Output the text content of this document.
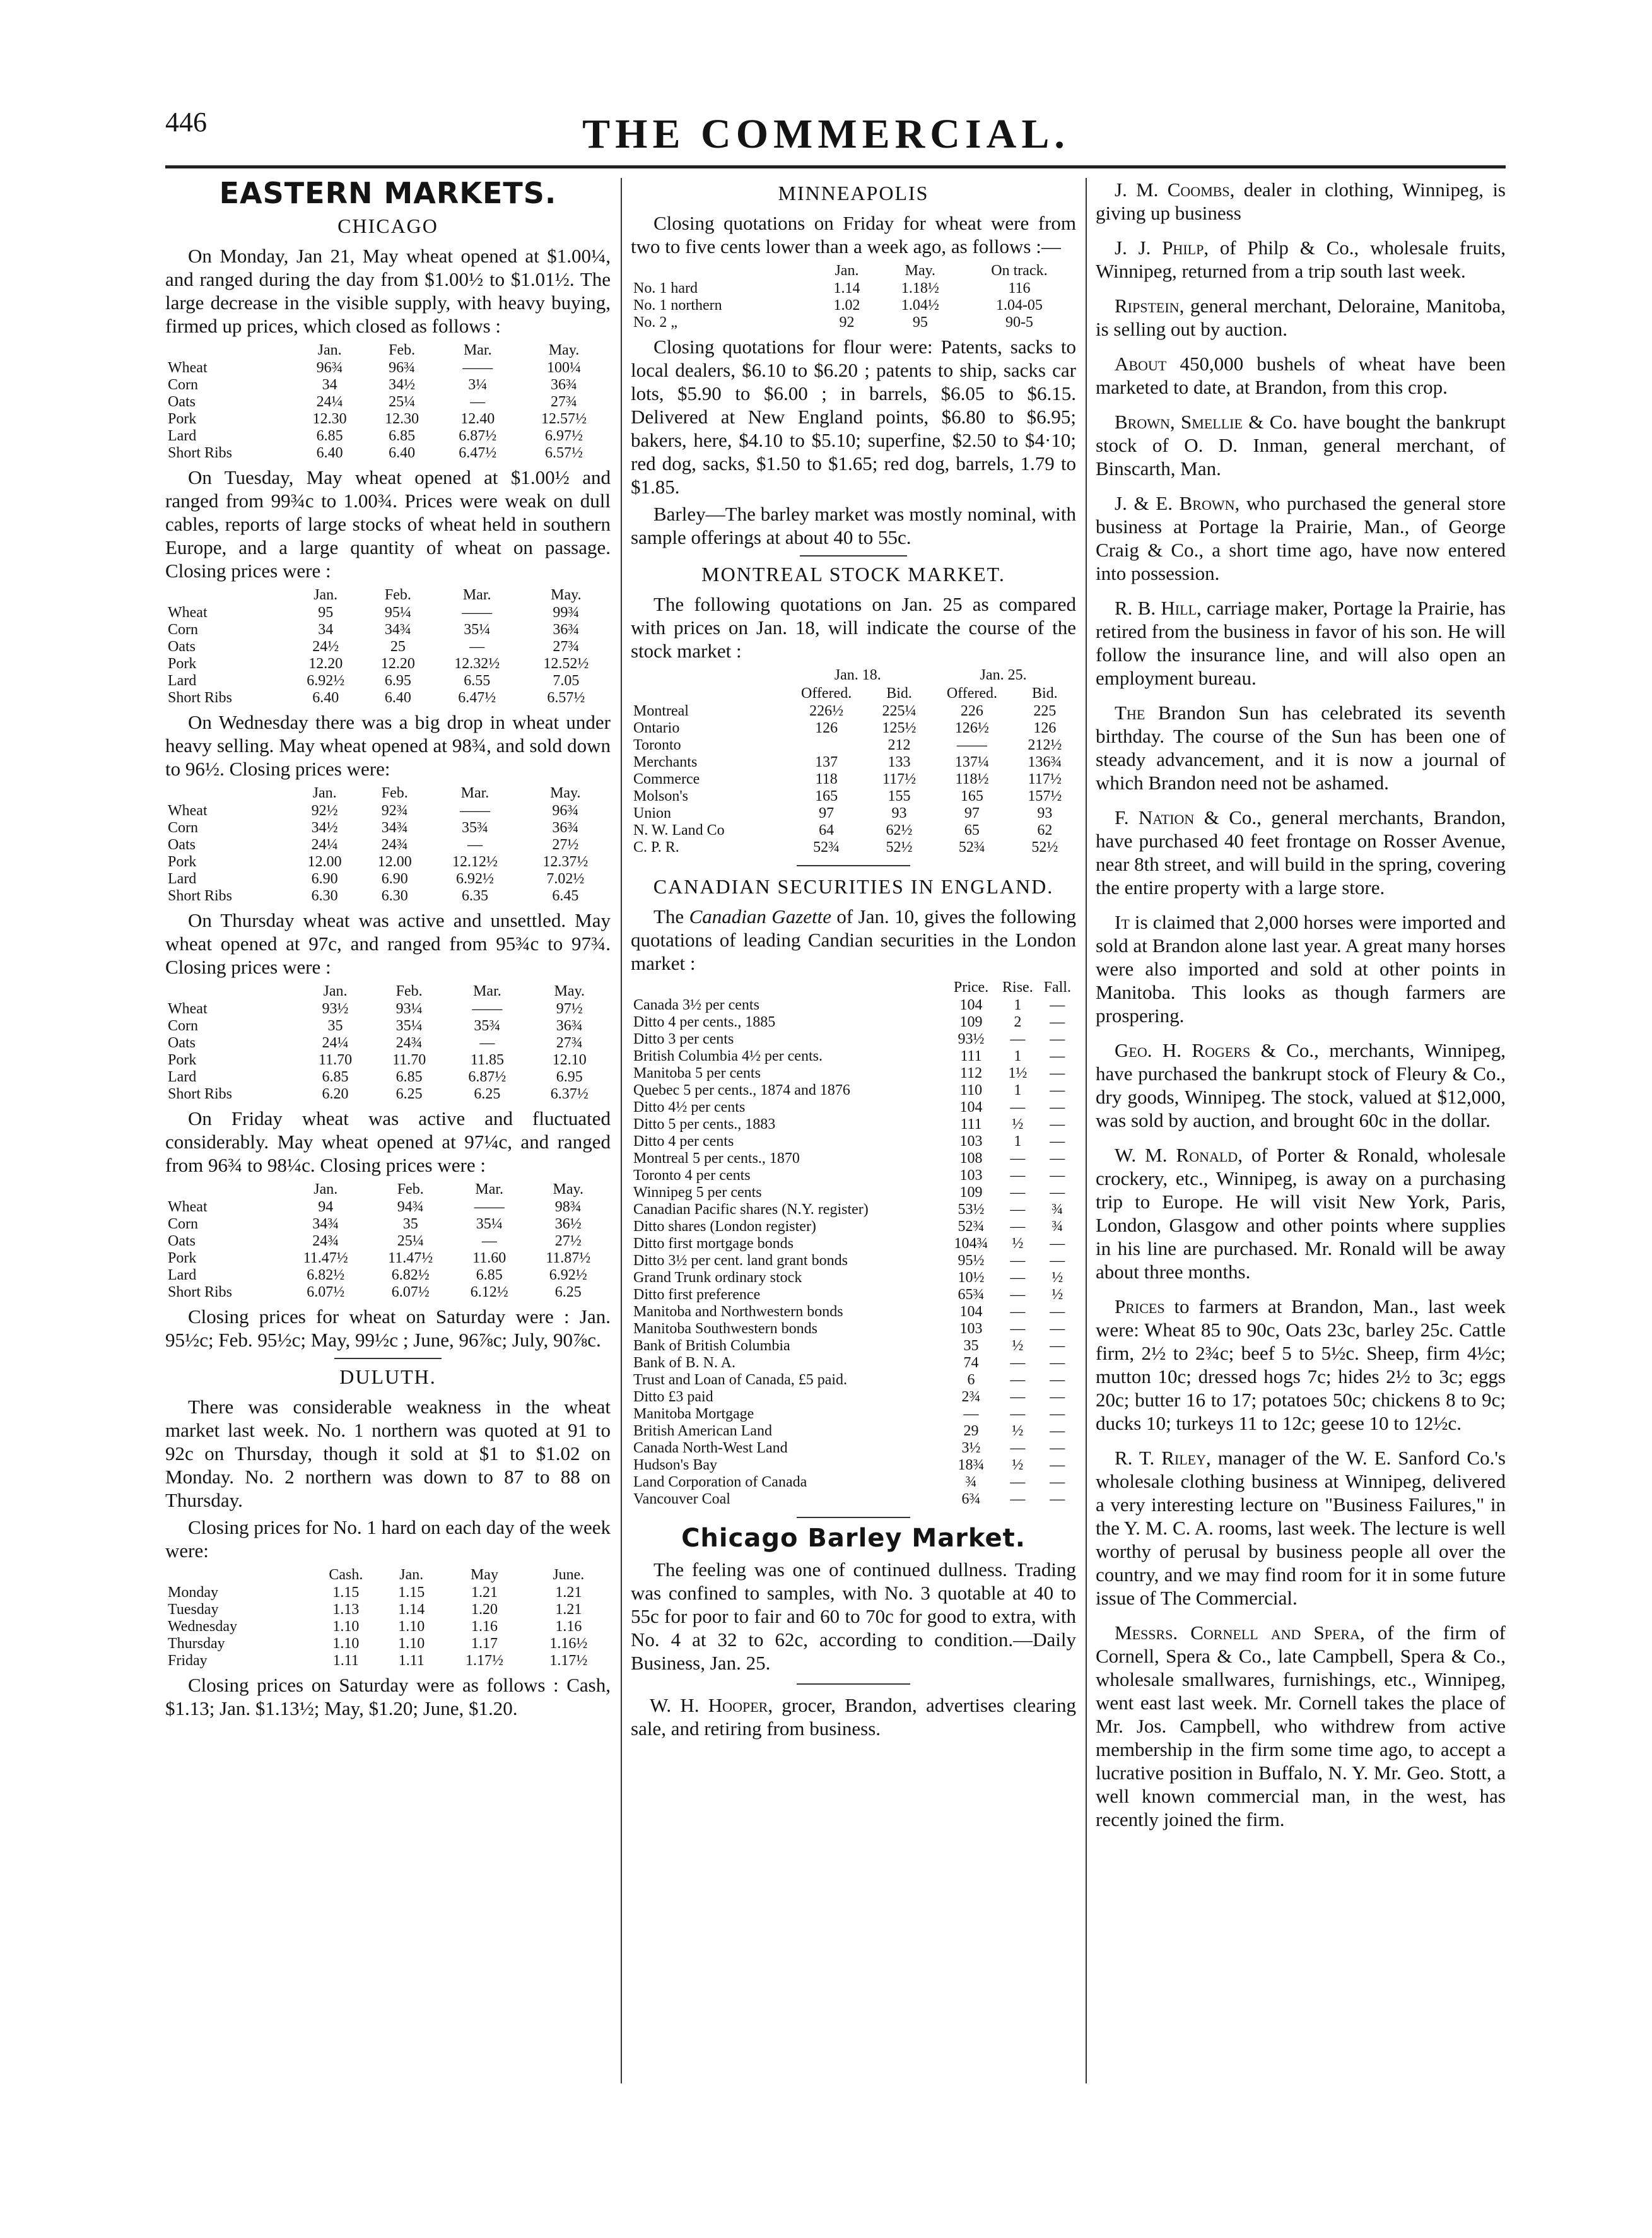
446	THE COMMERCIAL.
EASTERN MARKETS.
CHICAGO

On Monday, Jan 21, May wheat opened at $1.00¼, and ranged during the day from $1.00½ to $1.01½. The large decrease in the visible supply, with heavy buying, firmed up prices, which closed as follows :

	Jan.	Feb.	Mar.	May.
Wheat	96¾	96¾	——	100¼
Corn	34	34½	3¼	36¾
Oats	24¼	25¼	—	27¾
Pork	12.30	12.30	12.40	12.57½
Lard	6.85	6.85	6.87½	6.97½
Short Ribs	6.40	6.40	6.47½	6.57½

On Tuesday, May wheat opened at $1.00½ and ranged from 99¾c to 1.00¾. Prices were weak on dull cables, reports of large stocks of wheat held in southern Europe, and a large quantity of wheat on passage. Closing prices were :

	Jan.	Feb.	Mar.	May.
Wheat	95	95¼	——	99¾
Corn	34	34¾	35¼	36¾
Oats	24½	25	—	27¾
Pork	12.20	12.20	12.32½	12.52½
Lard	6.92½	6.95	6.55	7.05
Short Ribs	6.40	6.40	6.47½	6.57½

On Wednesday there was a big drop in wheat under heavy selling. May wheat opened at 98¾, and sold down to 96½. Closing prices were:

	Jan.	Feb.	Mar.	May.
Wheat	92½	92¾	——	96¾
Corn	34½	34¾	35¾	36¾
Oats	24¼	24¾	—	27½
Pork	12.00	12.00	12.12½	12.37½
Lard	6.90	6.90	6.92½	7.02½
Short Ribs	6.30	6.30	6.35	6.45

On Thursday wheat was active and unsettled. May wheat opened at 97c, and ranged from 95¾c to 97¾. Closing prices were :

	Jan.	Feb.	Mar.	May.
Wheat	93½	93¼	——	97½
Corn	35	35¼	35¾	36¾
Oats	24¼	24¾	—	27¾
Pork	11.70	11.70	11.85	12.10
Lard	6.85	6.85	6.87½	6.95
Short Ribs	6.20	6.25	6.25	6.37½

On Friday wheat was active and fluctuated considerably. May wheat opened at 97¼c, and ranged from 96¾ to 98¼c. Closing prices were :

	Jan.	Feb.	Mar.	May.
Wheat	94	94¾	——	98¾
Corn	34¾	35	35¼	36½
Oats	24¾	25¼	—	27½
Pork	11.47½	11.47½	11.60	11.87½
Lard	6.82½	6.82½	6.85	6.92½
Short Ribs	6.07½	6.07½	6.12½	6.25

Closing prices for wheat on Saturday were : Jan. 95½c; Feb. 95½c; May, 99½c ; June, 96⅞c; July, 90⅞c.

DULUTH.

There was considerable weakness in the wheat market last week. No. 1 northern was quoted at 91 to 92c on Thursday, though it sold at $1 to $1.02 on Monday. No. 2 northern was down to 87 to 88 on Thursday.

Closing prices for No. 1 hard on each day of the week were:

	Cash.	Jan.	May	June.
Monday	1.15	1.15	1.21	1.21
Tuesday	1.13	1.14	1.20	1.21
Wednesday	1.10	1.10	1.16	1.16
Thursday	1.10	1.10	1.17	1.16½
Friday	1.11	1.11	1.17½	1.17½

Closing prices on Saturday were as follows : Cash, $1.13; Jan. $1.13½; May, $1.20; June, $1.20.

MINNEAPOLIS

Closing quotations on Friday for wheat were from two to five cents lower than a week ago, as follows :—

	Jan.	May.	On track.
No. 1 hard	1.14	1.18½	116
No. 1 northern	1.02	1.04½	1.04-05
No. 2 „	92	95	90-5

Closing quotations for flour were: Patents, sacks to local dealers, $6.10 to $6.20 ; patents to ship, sacks car lots, $5.90 to $6.00 ; in barrels, $6.05 to $6.15. Delivered at New England points, $6.80 to $6.95; bakers, here, $4.10 to $5.10; superfine, $2.50 to $4·10; red dog, sacks, $1.50 to $1.65; red dog, barrels, 1.79 to $1.85.

Barley—The barley market was mostly nominal, with sample offerings at about 40 to 55c.

MONTREAL STOCK MARKET.

The following quotations on Jan. 25 as compared with prices on Jan. 18, will indicate the course of the stock market :

	Jan. 18.		Jan. 25.	
	Offered.	Bid.	Offered.	Bid.
Montreal	226½	225¼	226	225
Ontario	126	125½	126½	126
Toronto		212	——	212½
Merchants	137	133	137¼	136¾
Commerce	118	117½	118½	117½
Molson's	165	155	165	157½
Union	97	93	97	93
N. W. Land Co	64	62½	65	62
C. P. R.	52¾	52½	52¾	52½
CANADIAN SECURITIES IN ENGLAND.

The Canadian Gazette of Jan. 10, gives the following quotations of leading Candian securities in the London market :

	Price.	Rise.	Fall.
Canada 3½ per cents	104	1	—
Ditto 4 per cents., 1885	109	2	—
Ditto 3 per cents	93½	—	—
British Columbia 4½ per cents.	111	1	—
Manitoba 5 per cents	112	1½	—
Quebec 5 per cents., 1874 and 1876	110	1	—
Ditto 4½ per cents	104	—	—
Ditto 5 per cents., 1883	111	½	—
Ditto 4 per cents	103	1	—
Montreal 5 per cents., 1870	108	—	—
Toronto 4 per cents	103	—	—
Winnipeg 5 per cents	109	—	—
Canadian Pacific shares (N.Y. register)	53½	—	¾
Ditto shares (London register)	52¾	—	¾
Ditto first mortgage bonds	104¾	½	—
Ditto 3½ per cent. land grant bonds	95½	—	—
Grand Trunk ordinary stock	10½	—	½
Ditto first preference	65¾	—	½
Manitoba and Northwestern bonds	104	—	—
Manitoba Southwestern bonds	103	—	—
Bank of British Columbia	35	½	—
Bank of B. N. A.	74	—	—
Trust and Loan of Canada, £5 paid.	6	—	—
Ditto £3 paid	2¾	—	—
Manitoba Mortgage	—	—	—
British American Land	29	½	—
Canada North-West Land	3½	—	—
Hudson's Bay	18¾	½	—
Land Corporation of Canada	¾	—	—
Vancouver Coal	6¾	—	—
Chicago Barley Market.

The feeling was one of continued dullness. Trading was confined to samples, with No. 3 quotable at 40 to 55c for poor to fair and 60 to 70c for good to extra, with No. 4 at 32 to 62c, according to condition.—Daily Business, Jan. 25.

W. H. Hooper, grocer, Brandon, advertises clearing sale, and retiring from business.

J. M. Coombs, dealer in clothing, Winnipeg, is giving up business

J. J. Philp, of Philp & Co., wholesale fruits, Winnipeg, returned from a trip south last week.

Ripstein, general merchant, Deloraine, Manitoba, is selling out by auction.

About 450,000 bushels of wheat have been marketed to date, at Brandon, from this crop.

Brown, Smellie & Co. have bought the bankrupt stock of O. D. Inman, general merchant, of Binscarth, Man.

J. & E. Brown, who purchased the general store business at Portage la Prairie, Man., of George Craig & Co., a short time ago, have now entered into possession.

R. B. Hill, carriage maker, Portage la Prairie, has retired from the business in favor of his son. He will follow the insurance line, and will also open an employment bureau.

The Brandon Sun has celebrated its seventh birthday. The course of the Sun has been one of steady advancement, and it is now a journal of which Brandon need not be ashamed.

F. Nation & Co., general merchants, Brandon, have purchased 40 feet frontage on Rosser Avenue, near 8th street, and will build in the spring, covering the entire property with a large store.

It is claimed that 2,000 horses were imported and sold at Brandon alone last year. A great many horses were also imported and sold at other points in Manitoba. This looks as though farmers are prospering.

Geo. H. Rogers & Co., merchants, Winnipeg, have purchased the bankrupt stock of Fleury & Co., dry goods, Winnipeg. The stock, valued at $12,000, was sold by auction, and brought 60c in the dollar.

W. M. Ronald, of Porter & Ronald, wholesale crockery, etc., Winnipeg, is away on a purchasing trip to Europe. He will visit New York, Paris, London, Glasgow and other points where supplies in his line are purchased. Mr. Ronald will be away about three months.

Prices to farmers at Brandon, Man., last week were: Wheat 85 to 90c, Oats 23c, barley 25c. Cattle firm, 2½ to 2¾c; beef 5 to 5½c. Sheep, firm 4½c; mutton 10c; dressed hogs 7c; hides 2½ to 3c; eggs 20c; butter 16 to 17; potatoes 50c; chickens 8 to 9c; ducks 10; turkeys 11 to 12c; geese 10 to 12½c.

R. T. Riley, manager of the W. E. Sanford Co.'s wholesale clothing business at Winnipeg, delivered a very interesting lecture on "Business Failures," in the Y. M. C. A. rooms, last week. The lecture is well worthy of perusal by business people all over the country, and we may find room for it in some future issue of The Commercial.

Messrs. Cornell and Spera, of the firm of Cornell, Spera & Co., late Campbell, Spera & Co., wholesale smallwares, furnishings, etc., Winnipeg, went east last week. Mr. Cornell takes the place of Mr. Jos. Campbell, who withdrew from active membership in the firm some time ago, to accept a lucrative position in Buffalo, N. Y. Mr. Geo. Stott, a well known commercial man, in the west, has recently joined the firm.
